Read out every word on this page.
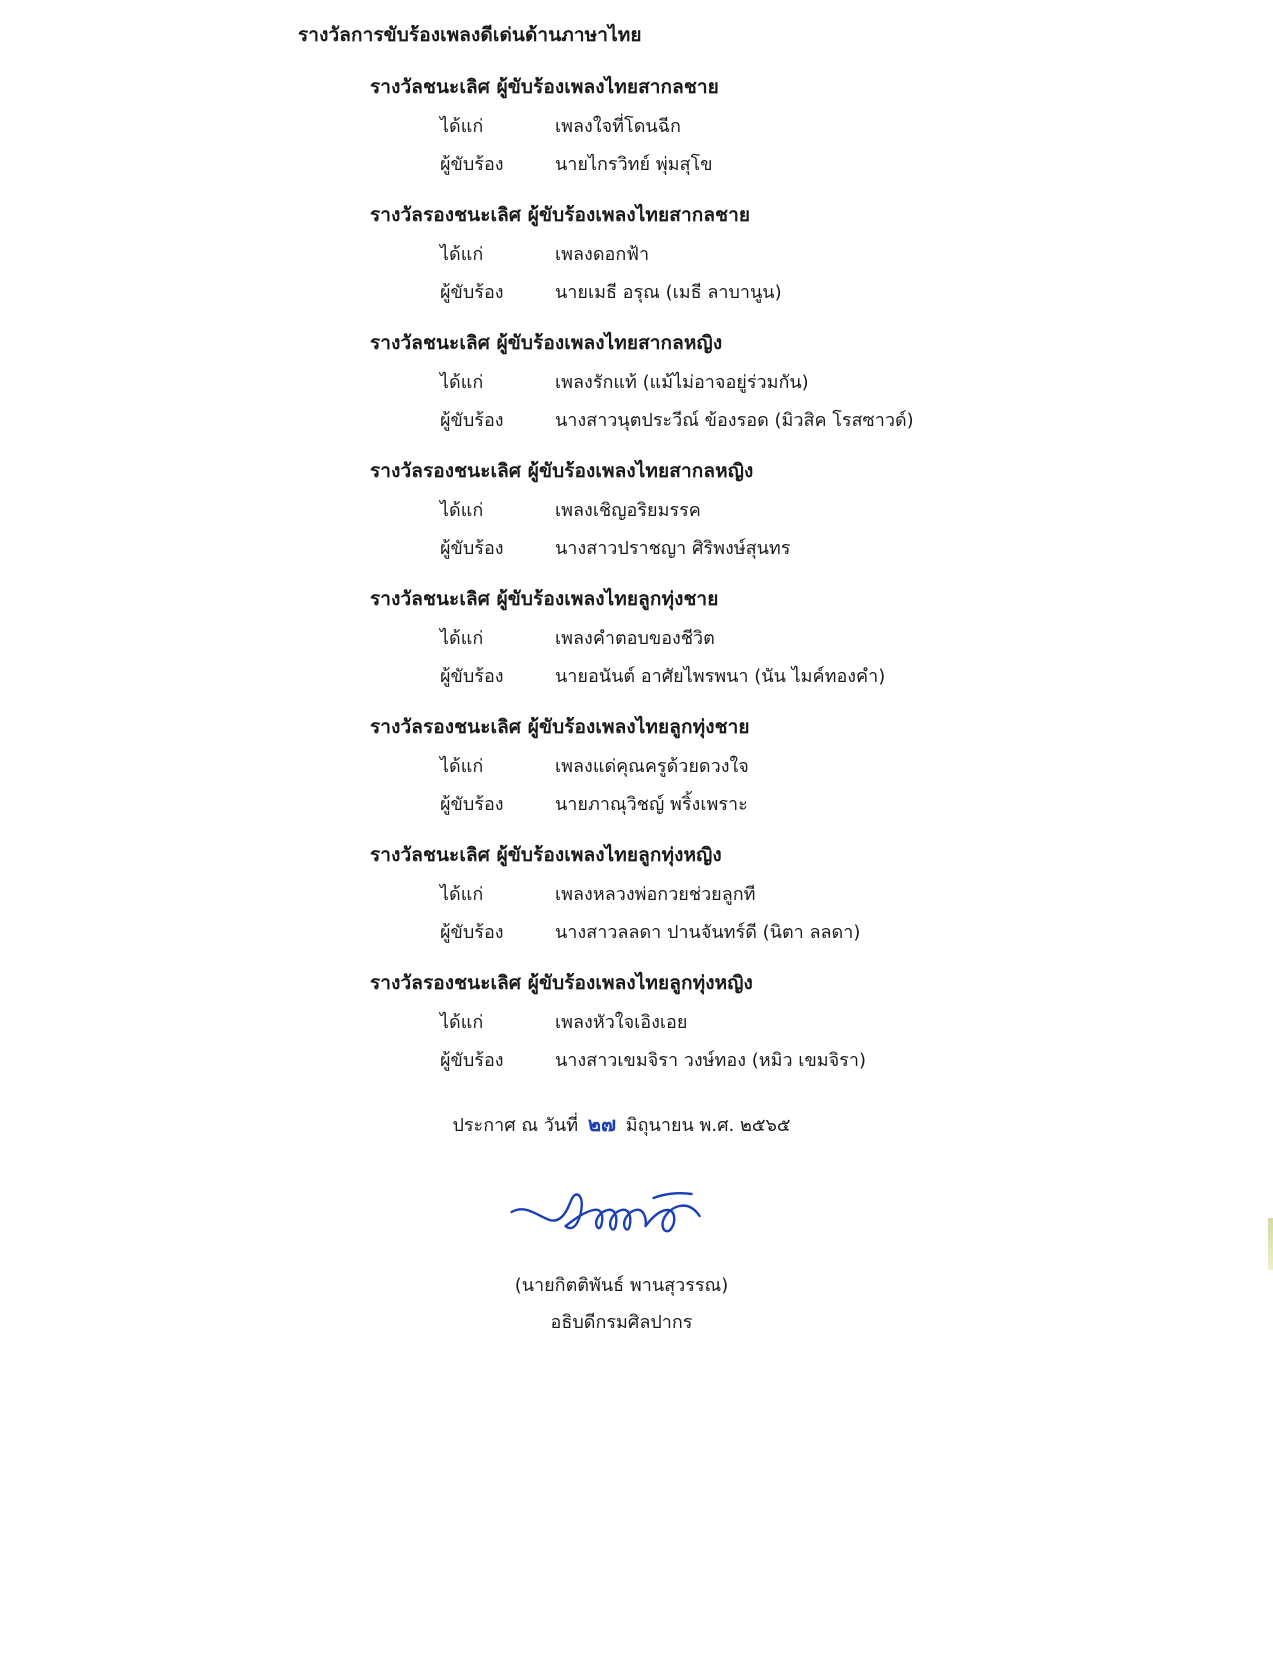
รางวัลการขับร้องเพลงดีเด่นด้านภาษาไทย
รางวัลชนะเลิศ ผู้ขับร้องเพลงไทยสากลชาย
ได้แก่	เพลงใจที่โดนฉีก
ผู้ขับร้อง	นายไกรวิทย์ พุ่มสุโข
รางวัลรองชนะเลิศ ผู้ขับร้องเพลงไทยสากลชาย
ได้แก่	เพลงดอกฟ้า
ผู้ขับร้อง	นายเมธี อรุณ (เมธี ลาบานูน)
รางวัลชนะเลิศ ผู้ขับร้องเพลงไทยสากลหญิง
ได้แก่	เพลงรักแท้ (แม้ไม่อาจอยู่ร่วมกัน)
ผู้ขับร้อง	นางสาวนุตประวีณ์ ข้องรอด (มิวสิค โรสซาวด์)
รางวัลรองชนะเลิศ ผู้ขับร้องเพลงไทยสากลหญิง
ได้แก่	เพลงเชิญอริยมรรค
ผู้ขับร้อง	นางสาวปราชญา ศิริพงษ์สุนทร
รางวัลชนะเลิศ ผู้ขับร้องเพลงไทยลูกทุ่งชาย
ได้แก่	เพลงคำตอบของชีวิต
ผู้ขับร้อง	นายอนันต์ อาศัยไพรพนา (นัน ไมค์ทองคำ)
รางวัลรองชนะเลิศ ผู้ขับร้องเพลงไทยลูกทุ่งชาย
ได้แก่	เพลงแด่คุณครูด้วยดวงใจ
ผู้ขับร้อง	นายภาณุวิชญ์ พริ้งเพราะ
รางวัลชนะเลิศ ผู้ขับร้องเพลงไทยลูกทุ่งหญิง
ได้แก่	เพลงหลวงพ่อกวยช่วยลูกที
ผู้ขับร้อง	นางสาวลลดา ปานจันทร์ดี (นิตา ลลดา)
รางวัลรองชนะเลิศ ผู้ขับร้องเพลงไทยลูกทุ่งหญิง
ได้แก่	เพลงหัวใจเอิงเอย
ผู้ขับร้อง	นางสาวเขมจิรา วงษ์ทอง (หมิว เขมจิรา)
ประกาศ ณ วันที่ ๒๗ มิถุนายน พ.ศ. ๒๕๖๕
(นายกิตติพันธ์ พานสุวรรณ)
อธิบดีกรมศิลปากร
